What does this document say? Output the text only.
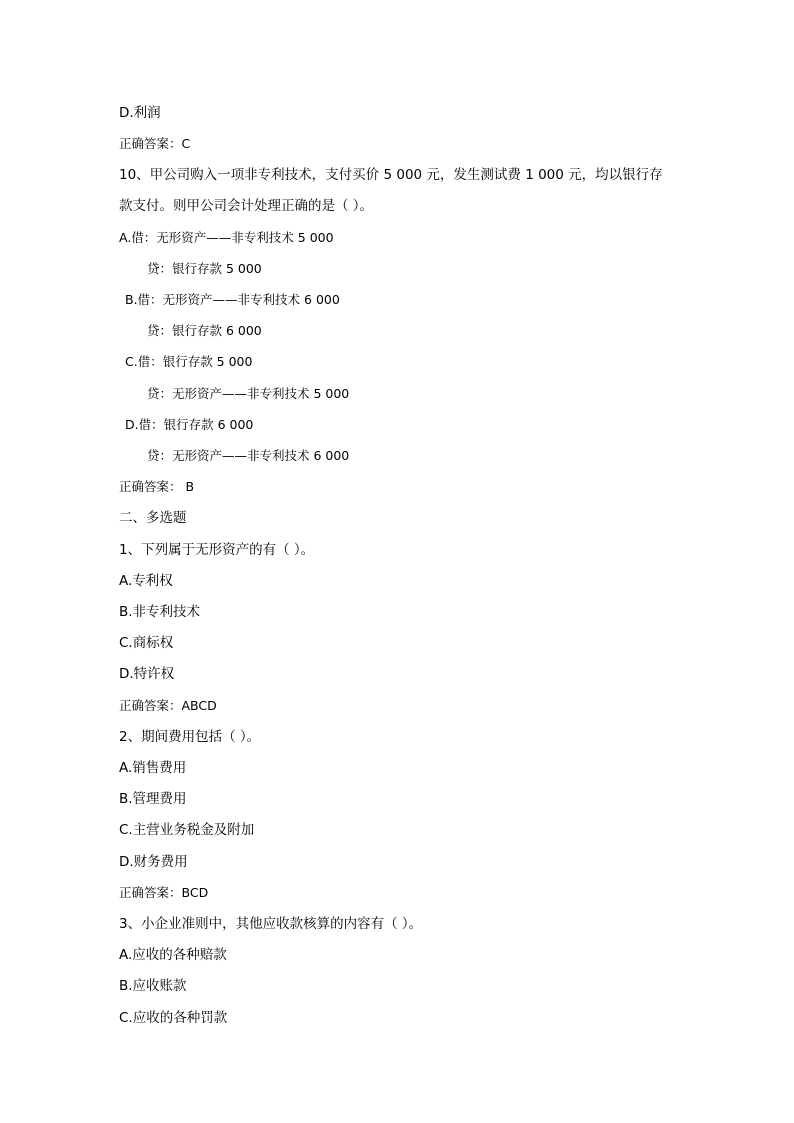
D.利润
正确答案：C
10、甲公司购入一项非专利技术，支付买价 5 000 元，发生测试费 1 000 元，均以银行存
款支付。则甲公司会计处理正确的是（ ）。
A.借：无形资产——非专利技术 5 000
贷：银行存款 5 000
B.借：无形资产——非专利技术 6 000
贷：银行存款 6 000
C.借：银行存款 5 000
贷：无形资产——非专利技术 5 000
D.借：银行存款 6 000
贷：无形资产——非专利技术 6 000
正确答案： B
二、多选题
1、下列属于无形资产的有（ ）。
A.专利权
B.非专利技术
C.商标权
D.特许权
正确答案：ABCD
2、期间费用包括（ ）。
A.销售费用
B.管理费用
C.主营业务税金及附加
D.财务费用
正确答案：BCD
3、小企业准则中，其他应收款核算的内容有（ ）。
A.应收的各种赔款
B.应收账款
C.应收的各种罚款
